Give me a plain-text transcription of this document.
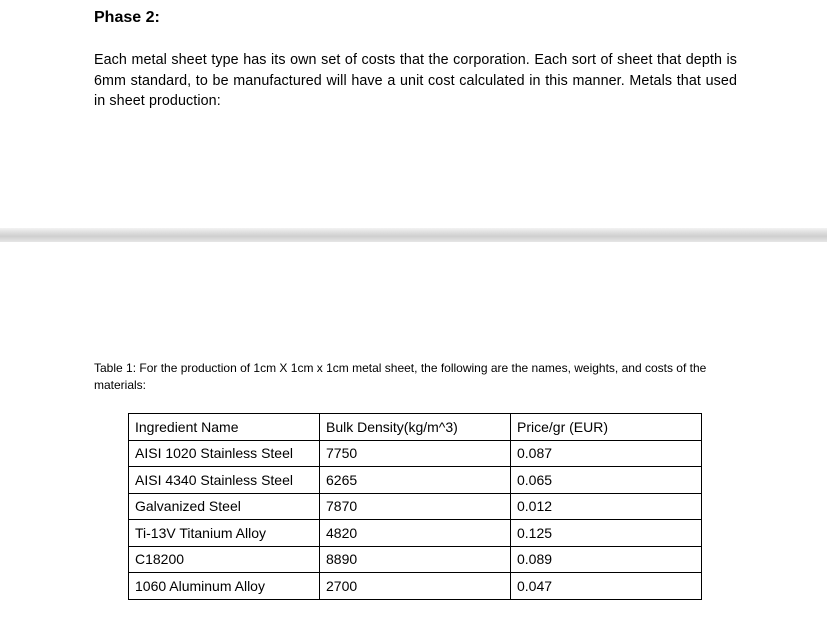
Phase 2:

Each metal sheet type has its own set of costs that the corporation. Each sort of sheet that depth is 6mm standard, to be manufactured will have a unit cost calculated in this manner. Metals that used in sheet production:

Table 1: For the production of 1cm X 1cm x 1cm metal sheet, the following are the names, weights, and costs of the materials:

Ingredient Name	Bulk Density(kg/m^3)	Price/gr (EUR)
AISI 1020 Stainless Steel	7750	0.087
AISI 4340 Stainless Steel	6265	0.065
Galvanized Steel	7870	0.012
Ti-13V Titanium Alloy	4820	0.125
C18200	8890	0.089
1060 Aluminum Alloy	2700	0.047
